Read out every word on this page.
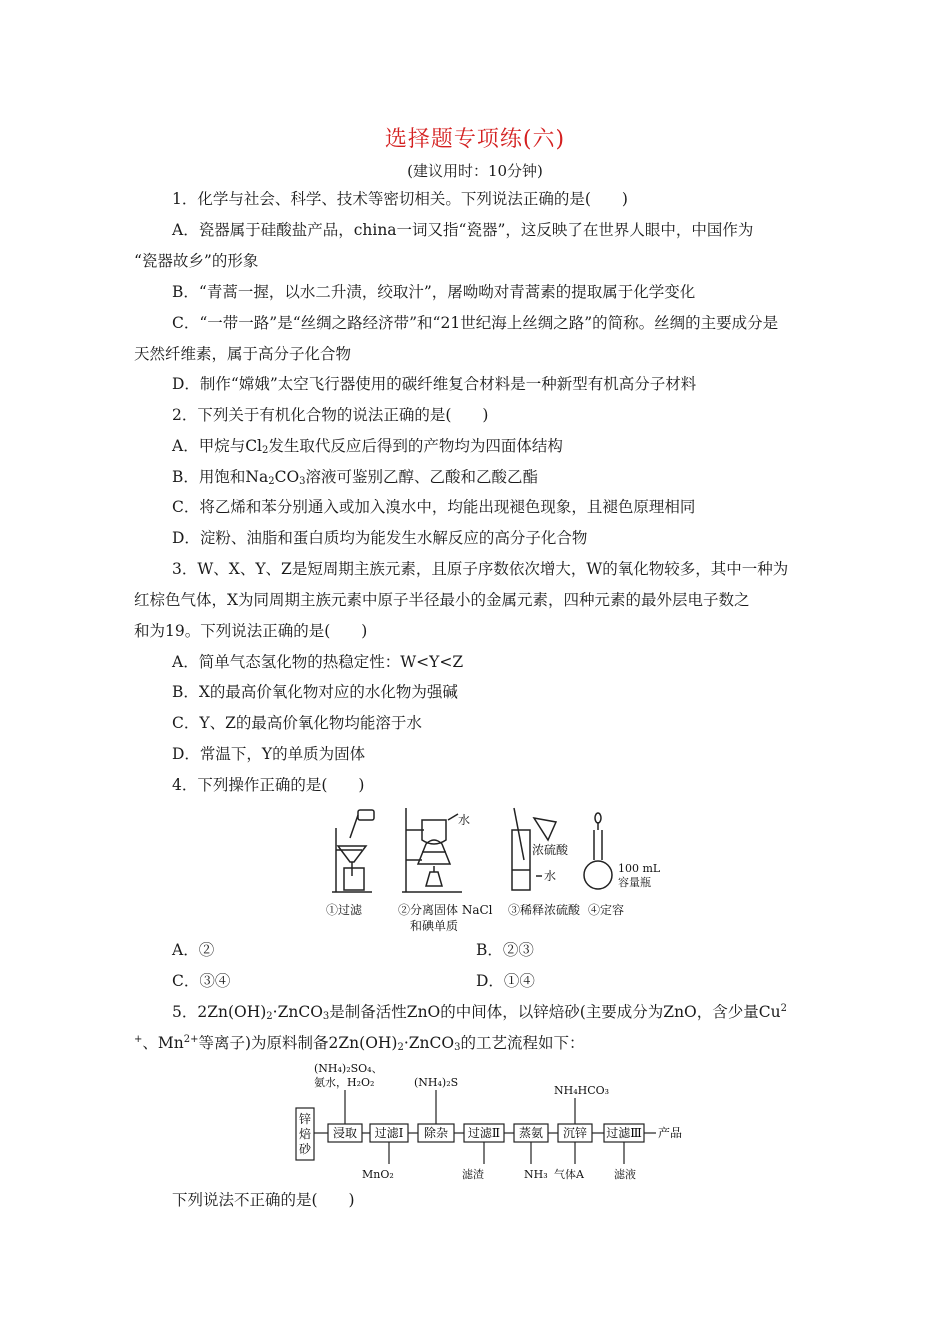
选择题专项练(六)
(建议用时：10分钟)
1．化学与社会、科学、技术等密切相关。下列说法正确的是(　　)
A．瓷器属于硅酸盐产品，china一词又指“瓷器”，这反映了在世界人眼中，中国作为
“瓷器故乡”的形象
B．“青蒿一握，以水二升渍，绞取汁”，屠呦呦对青蒿素的提取属于化学变化
C．“一带一路”是“丝绸之路经济带”和“21世纪海上丝绸之路”的简称。丝绸的主要成分是
天然纤维素，属于高分子化合物
D．制作“嫦娥”太空飞行器使用的碳纤维复合材料是一种新型有机高分子材料
2．下列关于有机化合物的说法正确的是(　　)
A．甲烷与$Cl_2$发生取代反应后得到的产物均为四面体结构
B．用饱和$Na_2CO_3$溶液可鉴别乙醇、乙酸和乙酸乙酯
C．将乙烯和苯分别通入或加入溴水中，均能出现褪色现象，且褪色原理相同
D．淀粉、油脂和蛋白质均为能发生水解反应的高分子化合物
3．W、X、Y、Z是短周期主族元素，且原子序数依次增大，W的氧化物较多，其中一种为
红棕色气体，X为同周期主族元素中原子半径最小的金属元素，四种元素的最外层电子数之
和为19。下列说法正确的是(　　)
A．简单气态氢化物的热稳定性：W<Y<Z
B．X的最高价氧化物对应的水化物为强碱
C．Y、Z的最高价氧化物均能溶于水
D．常温下，Y的单质为固体
4．下列操作正确的是(　　)
水
浓硫酸
水
100 mL
容量瓶
①过滤	②分离固体 NaCl
和碘单质
③稀释浓硫酸 ④定容
A．②	B．②③
C．③④	D．①④
5．$2Zn(OH)_2\cdot ZnCO_3$是制备活性ZnO的中间体，以锌焙砂(主要成分为ZnO，含少量Cu$^2$
+、$Mn^{2+}$等离子)为原料制备$2Zn(OH)_2\cdot ZnCO_3$的工艺流程如下：
(NH₄)₂SO₄、
氨水，H₂O₂	(NH₄)₂S
NH₄HCO₃
锌
焙
砂
浸取 过滤Ⅰ 除杂 过滤Ⅱ 蒸氨 沉锌 过滤Ⅲ 产品
MnO₂	滤渣	NH₃ 气体A	滤液
下列说法不正确的是(　　)
